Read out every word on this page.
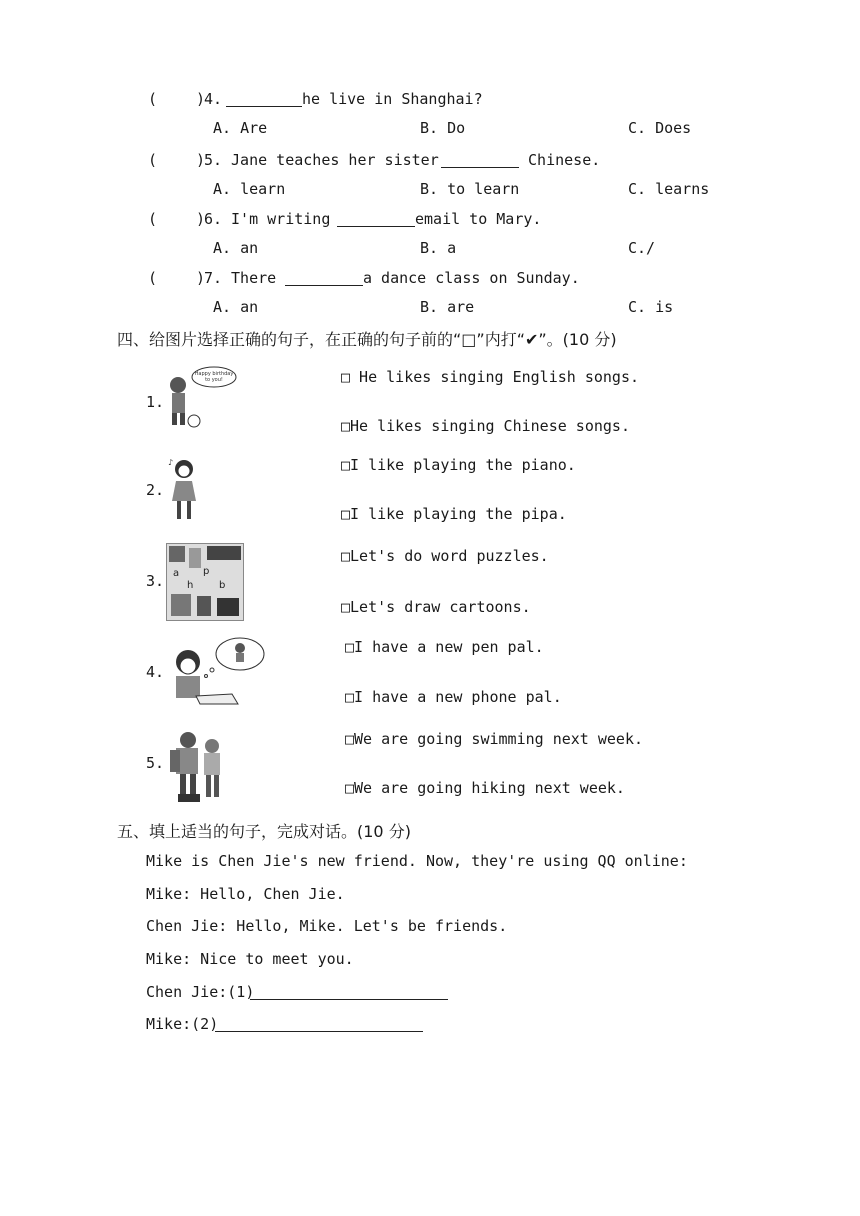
(	)
4.	he live in Shanghai?
A. Are	B. Do	C. Does
(	)
5. Jane teaches her sister	Chinese.
A. learn	B. to learn	C. learns
(	)
6. I'm writing	email to Mary.
A. an	B. a	C./
(	)
7. There	a dance class on Sunday.
A. an	B. are	C. is
四、给图片选择正确的句子，在正确的句子前的“□”内打“✔”。(10 分)
1.
Happy birthday
to you!	□ He likes singing English songs.
□He likes singing Chinese songs.
2.
♪	□I like playing the piano.
□I like playing the pipa.
3. a
h
p
b
□Let's do word puzzles.
□Let's draw cartoons.
4.
□I have a new pen pal.
□I have a new phone pal.
5.
□We are going swimming next week.
□We are going hiking next week.
五、填上适当的句子，完成对话。(10 分)
Mike is Chen Jie's new friend. Now, they're using QQ online:
Mike: Hello, Chen Jie.
Chen Jie: Hello, Mike. Let's be friends.
Mike: Nice to meet you.
Chen Jie:(1)
Mike:(2)
